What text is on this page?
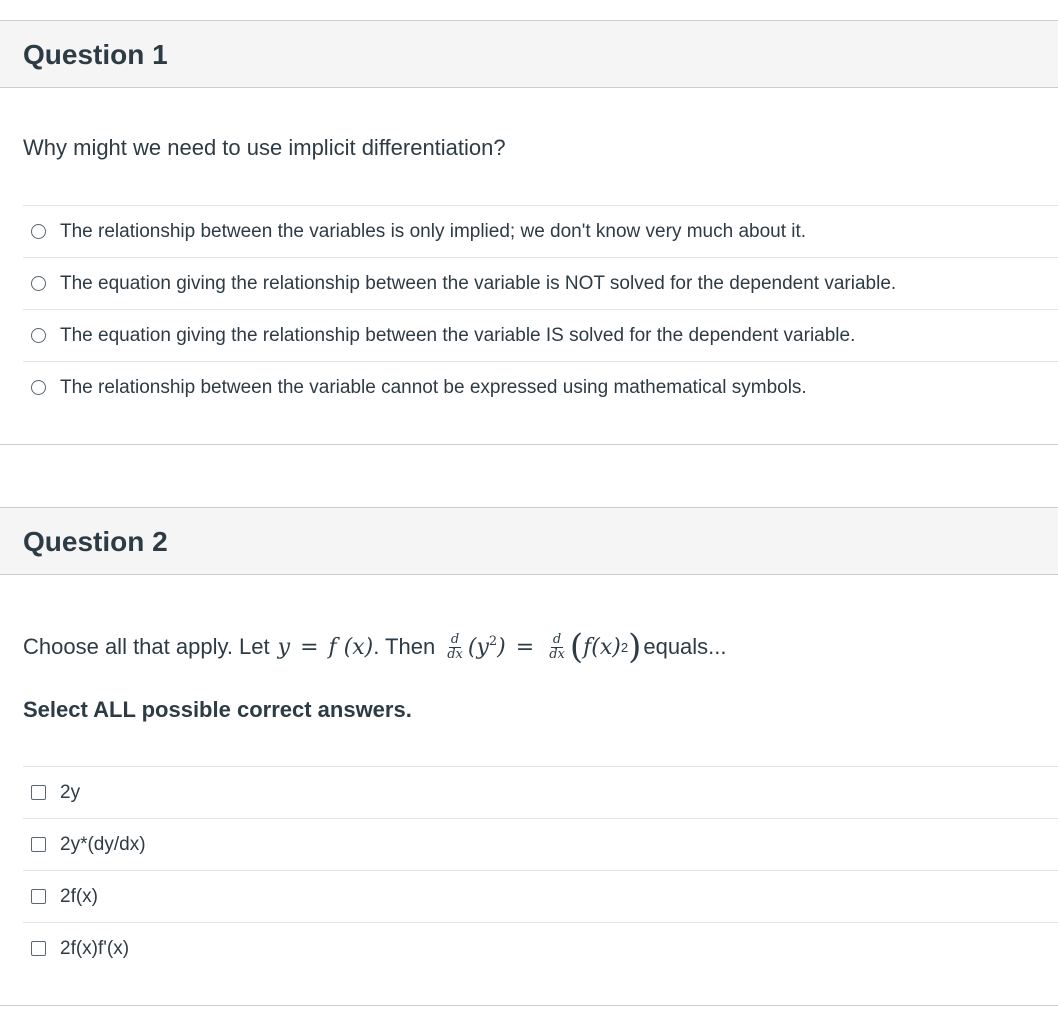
Question 1

Why might we need to use implicit differentiation?

The relationship between the variables is only implied; we don't know very much about it.
The equation giving the relationship between the variable is NOT solved for the dependent variable.
The equation giving the relationship between the variable IS solved for the dependent variable.
The relationship between the variable cannot be expressed using mathematical symbols.
Question 2

Choose all that apply. Let y = f (x) . Then $\frac{d}{dx} (y^2) = \frac{d}{dx}$ ( f(x) 2 ) equals...

Select ALL possible correct answers.

2y
2y*(dy/dx)
2f(x)
2f(x)f'(x)
